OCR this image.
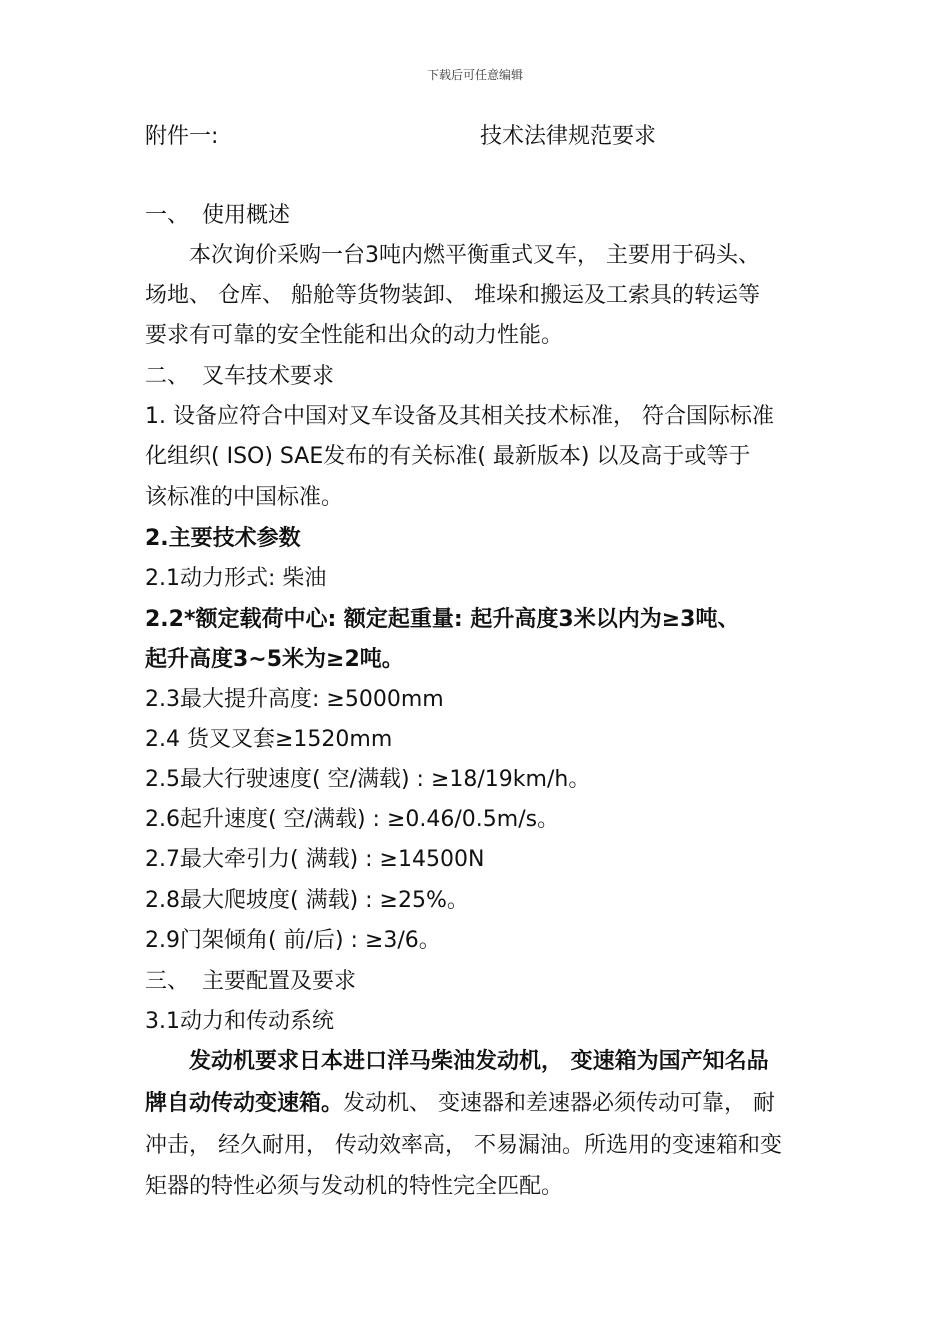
下载后可任意编辑
附件一:	技术法律规范要求
一、 使用概述
本次询价采购一台3吨内燃平衡重式叉车， 主要用于码头、
场地、 仓库、 船舱等货物装卸、 堆垛和搬运及工索具的转运等
要求有可靠的安全性能和出众的动力性能。
二、 叉车技术要求
1. 设备应符合中国对叉车设备及其相关技术标准， 符合国际标准
化组织( ISO) SAE发布的有关标准( 最新版本) 以及高于或等于
该标准的中国标准。
2.主要技术参数
2.1动力形式: 柴油
2.2*额定载荷中心: 额定起重量: 起升高度3米以内为≥3吨、
起升高度3~5米为≥2吨。
2.3最大提升高度: ≥5000mm
2.4 货叉叉套≥1520mm
2.5最大行驶速度( 空/满载) : ≥18/19km/h。
2.6起升速度( 空/满载) : ≥0.46/0.5m/s。
2.7最大牵引力( 满载) : ≥14500N
2.8最大爬坡度( 满载) : ≥25%。
2.9门架倾角( 前/后) : ≥3/6。
三、 主要配置及要求
3.1动力和传动系统
发动机要求日本进口洋马柴油发动机， 变速箱为国产知名品
牌自动传动变速箱。发动机、 变速器和差速器必须传动可靠， 耐
冲击， 经久耐用， 传动效率高， 不易漏油。所选用的变速箱和变
矩器的特性必须与发动机的特性完全匹配。
